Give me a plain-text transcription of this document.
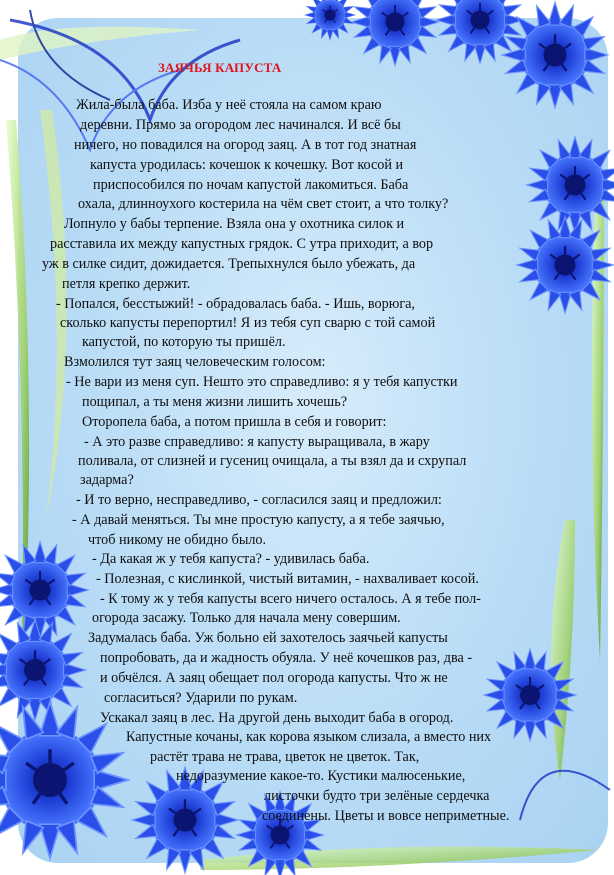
ЗАЯЧЬЯ КАПУСТА

Жила-была баба. Изба у неё стояла на самом краю

деревни. Прямо за огородом лес начинался. И всё бы

ничего, но повадился на огород заяц. А в тот год знатная

капуста уродилась: кочешок к кочешку. Вот косой и

приспособился по ночам капустой лакомиться. Баба

охала, длинноухого костерила на чём свет стоит, а что толку?

Лопнуло у бабы терпение. Взяла она у охотника силок и

расставила их между капустных грядок. С утра приходит, а вор

уж в силке сидит, дожидается. Трепыхнулся было убежать, да

петля крепко держит.

- Попался, бесстыжий! - обрадовалась баба. - Ишь, ворюга,

сколько капусты перепортил! Я из тебя суп сварю с той самой

капустой, по которую ты пришёл.

Взмолился тут заяц человеческим голосом:

- Не вари из меня суп. Нешто это справедливо: я у тебя капустки

пощипал, а ты меня жизни лишить хочешь?

Оторопела баба, а потом пришла в себя и говорит:

- А это разве справедливо: я капусту выращивала, в жару

поливала, от слизней и гусениц очищала, а ты взял да и схрупал

задарма?

- И то верно, несправедливо, - согласился заяц и предложил:

- А давай меняться. Ты мне простую капусту, а я тебе заячью,

чтоб никому не обидно было.

- Да какая ж у тебя капуста? - удивилась баба.

- Полезная, с кислинкой, чистый витамин, - нахваливает косой.

- К тому ж у тебя капусты всего ничего осталось. А я тебе пол-

огорода засажу. Только для начала мену совершим.

Задумалась баба. Уж больно ей захотелось заячьей капусты

попробовать, да и жадность обуяла. У неё кочешков раз, два -

и обчёлся. А заяц обещает пол огорода капусты. Что ж не

согласиться? Ударили по рукам.

Ускакал заяц в лес. На другой день выходит баба в огород.

Капустные кочаны, как корова языком слизала, а вместо них

растёт трава не трава, цветок не цветок. Так,

недоразумение какое-то. Кустики малюсенькие,

листочки будто три зелёные сердечка

соединены. Цветы и вовсе неприметные.
